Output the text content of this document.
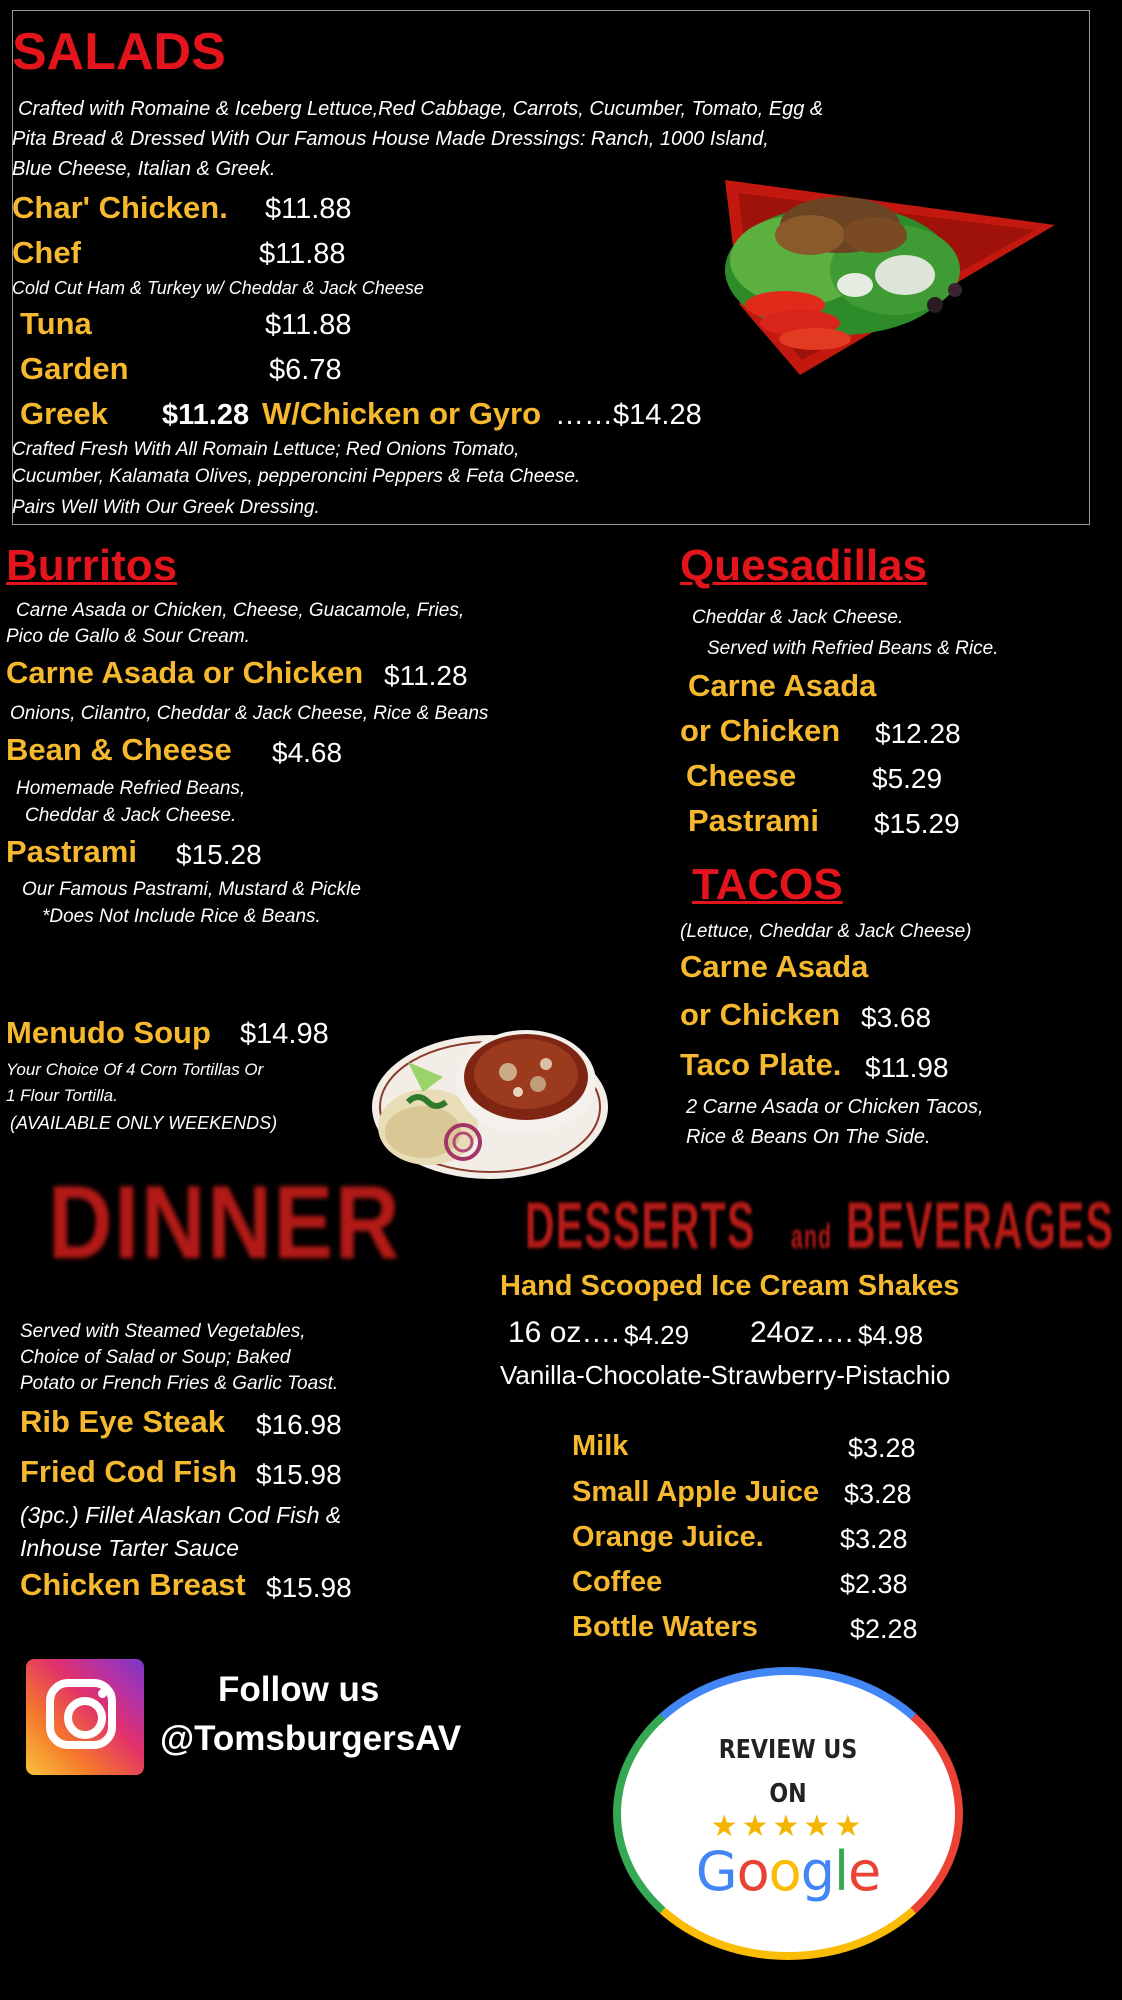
SALADS
Crafted with Romaine & Iceberg Lettuce,Red Cabbage, Carrots, Cucumber, Tomato, Egg &
Pita Bread & Dressed With Our Famous House Made Dressings: Ranch, 1000 Island,
Blue Cheese, Italian & Greek.
Char' Chicken. $11.88
Chef	$11.88
Cold Cut Ham & Turkey w/ Cheddar & Jack Cheese
Tuna	$11.88
Garden	$6.78
Greek $11.28 W/Chicken or Gyro ……$14.28
Crafted Fresh With All Romain Lettuce; Red Onions Tomato,
Cucumber, Kalamata Olives, pepperoncini Peppers & Feta Cheese.
Pairs Well With Our Greek Dressing.
Burritos
Carne Asada or Chicken, Cheese, Guacamole, Fries,
Pico de Gallo & Sour Cream.
Carne Asada or Chicken $11.28
Onions, Cilantro, Cheddar & Jack Cheese, Rice & Beans
Bean & Cheese $4.68
Homemade Refried Beans,
Cheddar & Jack Cheese.
Pastrami $15.28
Our Famous Pastrami, Mustard & Pickle
*Does Not Include Rice & Beans.
Quesadillas
Cheddar & Jack Cheese.
Served with Refried Beans & Rice.
Carne Asada
or Chicken $12.28
Cheese	$5.29
Pastrami $15.29
TACOS
(Lettuce, Cheddar & Jack Cheese)
Carne Asada
or Chicken $3.68
Taco Plate. $11.98
2 Carne Asada or Chicken Tacos,
Rice & Beans On The Side.
Menudo Soup $14.98
Your Choice Of 4 Corn Tortillas Or
1 Flour Tortilla.
(AVAILABLE ONLY WEEKENDS)
DINNER
Served with Steamed Vegetables,
Choice of Salad or Soup; Baked
Potato or French Fries & Garlic Toast.
Rib Eye Steak $16.98
Fried Cod Fish $15.98
(3pc.) Fillet Alaskan Cod Fish &
Inhouse Tarter Sauce
Chicken Breast $15.98
DESSERTS and BEVERAGES
Hand Scooped Ice Cream Shakes
16 oz…. $4.29 24oz…. $4.98
Vanilla-Chocolate-Strawberry-Pistachio
Milk	$3.28
Small Apple Juice $3.28
Orange Juice.	$3.28
Coffee	$2.38
Bottle Waters	$2.28
Follow us
@TomsburgersAV	REVIEW US
ON
★★★★★
Google
